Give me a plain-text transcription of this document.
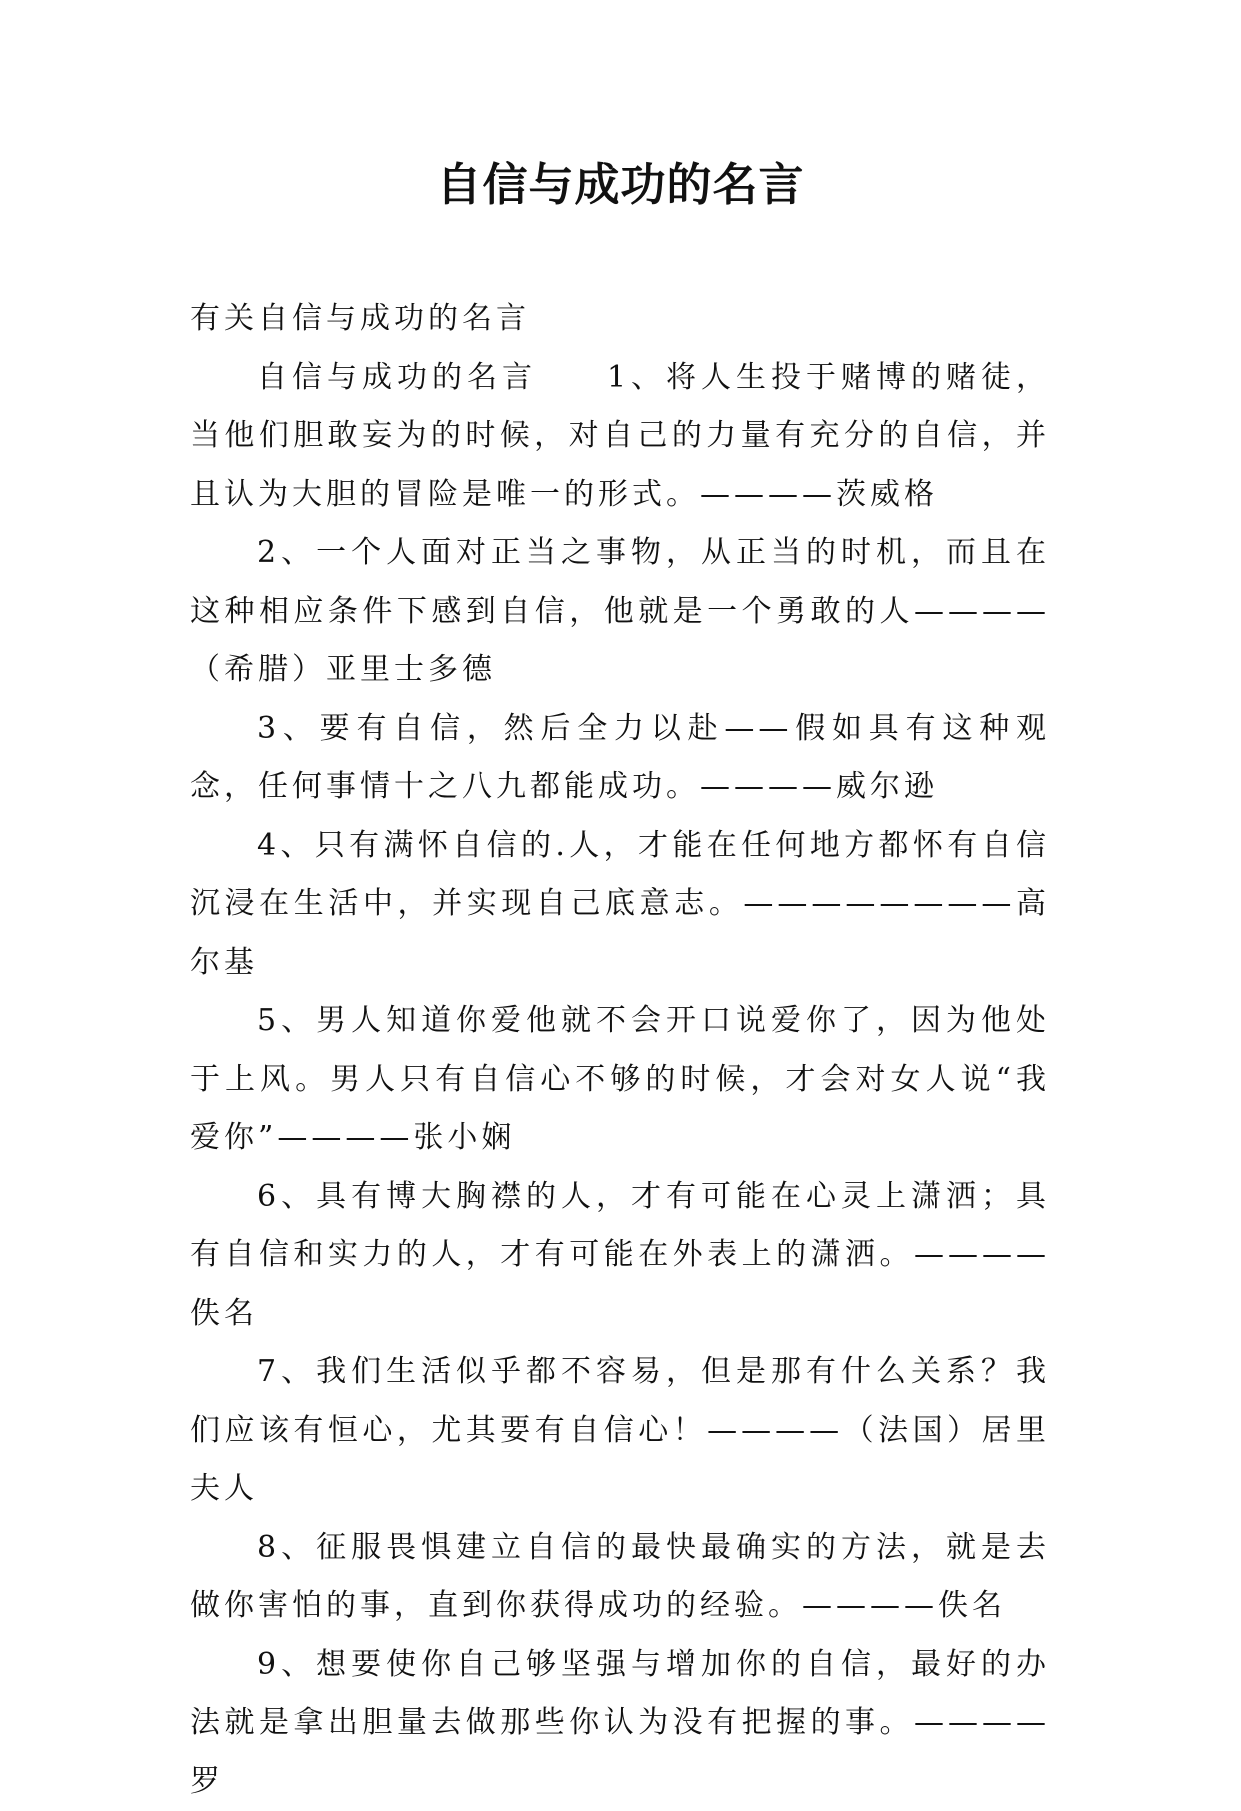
自信与成功的名言

有关自信与成功的名言

自信与成功的名言　　1、将人生投于赌博的赌徒，当他们胆敢妄为的时候，对自己的力量有充分的自信，并且认为大胆的冒险是唯一的形式。————茨威格

2、一个人面对正当之事物，从正当的时机，而且在这种相应条件下感到自信，他就是一个勇敢的人————（希腊）亚里士多德

3、要有自信，然后全力以赴——假如具有这种观念，任何事情十之八九都能成功。————威尔逊

4、只有满怀自信的.人，才能在任何地方都怀有自信沉浸在生活中，并实现自己底意志。————————高尔基

5、男人知道你爱他就不会开口说爱你了，因为他处于上风。男人只有自信心不够的时候，才会对女人说“我爱你”————张小娴

6、具有博大胸襟的人，才有可能在心灵上潇洒；具有自信和实力的人，才有可能在外表上的潇洒。————佚名

7、我们生活似乎都不容易，但是那有什么关系？我们应该有恒心，尤其要有自信心！————（法国）居里夫人

8、征服畏惧建立自信的最快最确实的方法，就是去做你害怕的事，直到你获得成功的经验。————佚名

9、想要使你自己够坚强与增加你的自信，最好的办法就是拿出胆量去做那些你认为没有把握的事。————罗
